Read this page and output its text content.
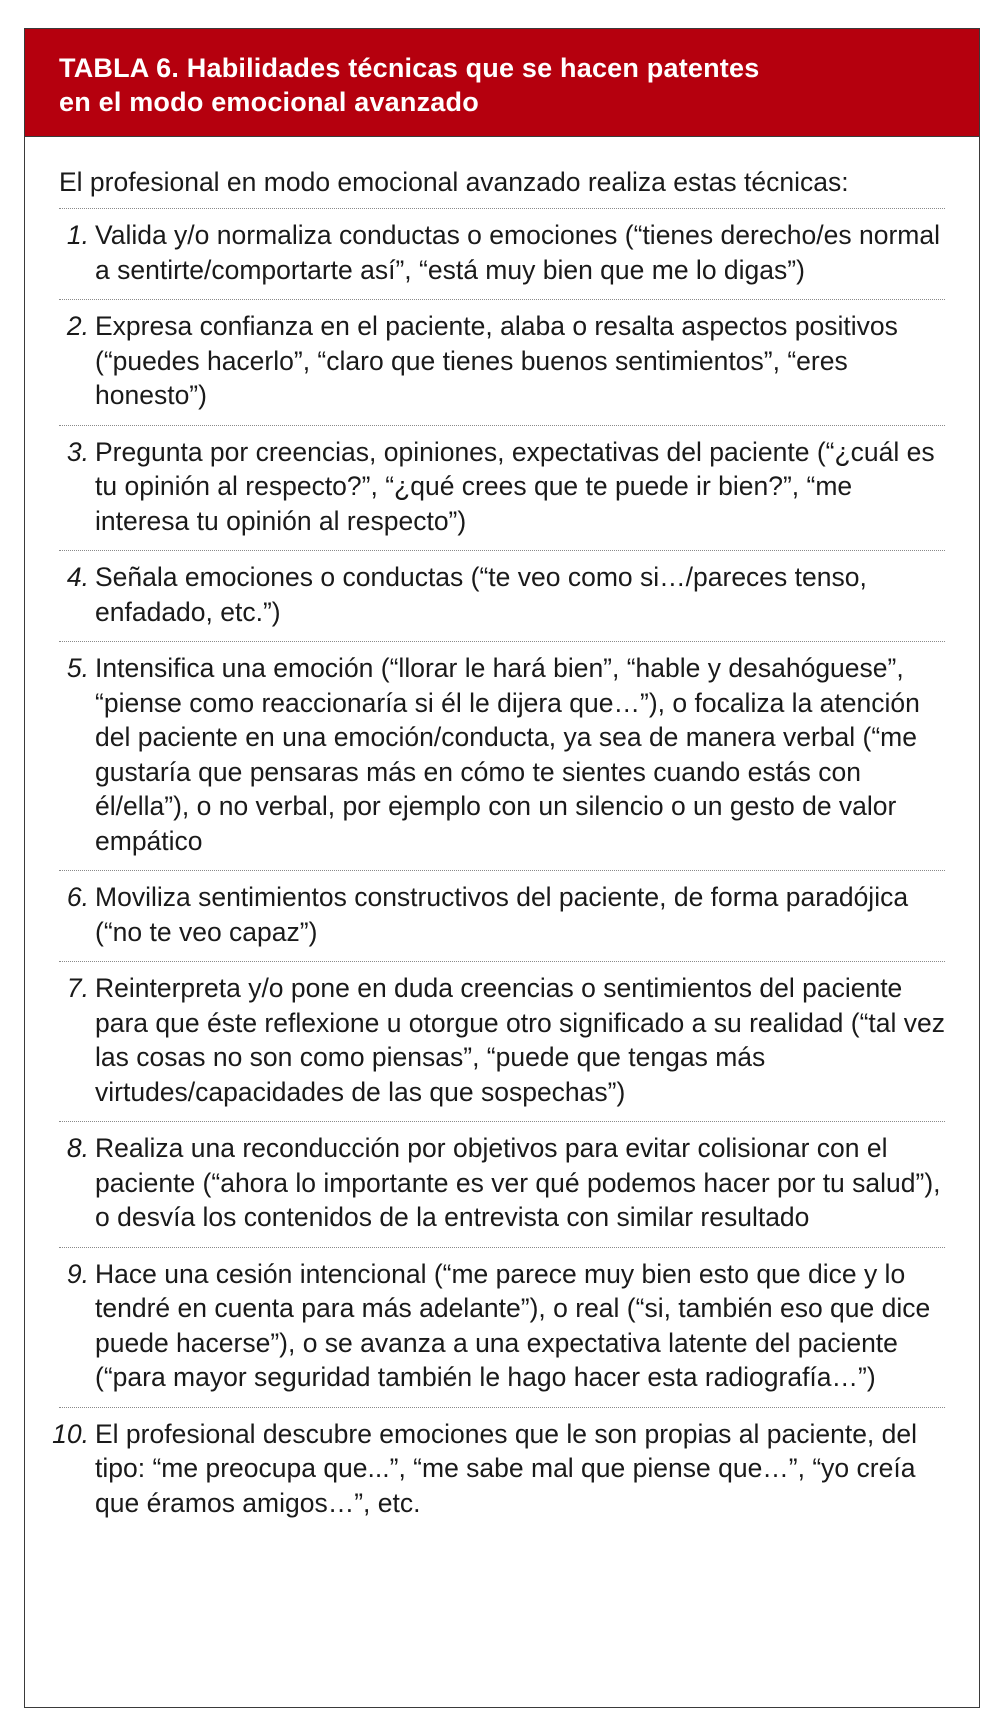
TABLA 6. Habilidades técnicas que se hacen patentes
en el modo emocional avanzado

El profesional en modo emocional avanzado realiza estas técnicas:

1. Valida y/o normaliza conductas o emociones (“tienes derecho/es normal a sentirte/comportarte así”, “está muy bien que me lo digas”)

2. Expresa confianza en el paciente, alaba o resalta aspectos positivos (“puedes hacerlo”, “claro que tienes buenos sentimientos”, “eres honesto”)

3. Pregunta por creencias, opiniones, expectativas del paciente (“¿cuál es tu opinión al respecto?”, “¿qué crees que te puede ir bien?”, “me interesa tu opinión al respecto”)

4. Señala emociones o conductas (“te veo como si…/pareces tenso, enfadado, etc.”)

5. Intensifica una emoción (“llorar le hará bien”, “hable y desahóguese”, “piense como reaccionaría si él le dijera que…”), o focaliza la atención del paciente en una emoción/conducta, ya sea de manera verbal (“me gustaría que pensaras más en cómo te sientes cuando estás con él/ella”), o no verbal, por ejemplo con un silencio o un gesto de valor empático

6. Moviliza sentimientos constructivos del paciente, de forma paradójica (“no te veo capaz”)

7. Reinterpreta y/o pone en duda creencias o sentimientos del paciente para que éste reflexione u otorgue otro significado a su realidad (“tal vez las cosas no son como piensas”, “puede que tengas más virtudes/capacidades de las que sospechas”)

8. Realiza una reconducción por objetivos para evitar colisionar con el paciente (“ahora lo importante es ver qué podemos hacer por tu salud”), o desvía los contenidos de la entrevista con similar resultado

9. Hace una cesión intencional (“me parece muy bien esto que dice y lo tendré en cuenta para más adelante”), o real (“si, también eso que dice puede hacerse”), o se avanza a una expectativa latente del paciente (“para mayor seguridad también le hago hacer esta radiografía…”)

10. El profesional descubre emociones que le son propias al paciente, del tipo: “me preocupa que...”, “me sabe mal que piense que…”, “yo creía que éramos amigos…”, etc.
